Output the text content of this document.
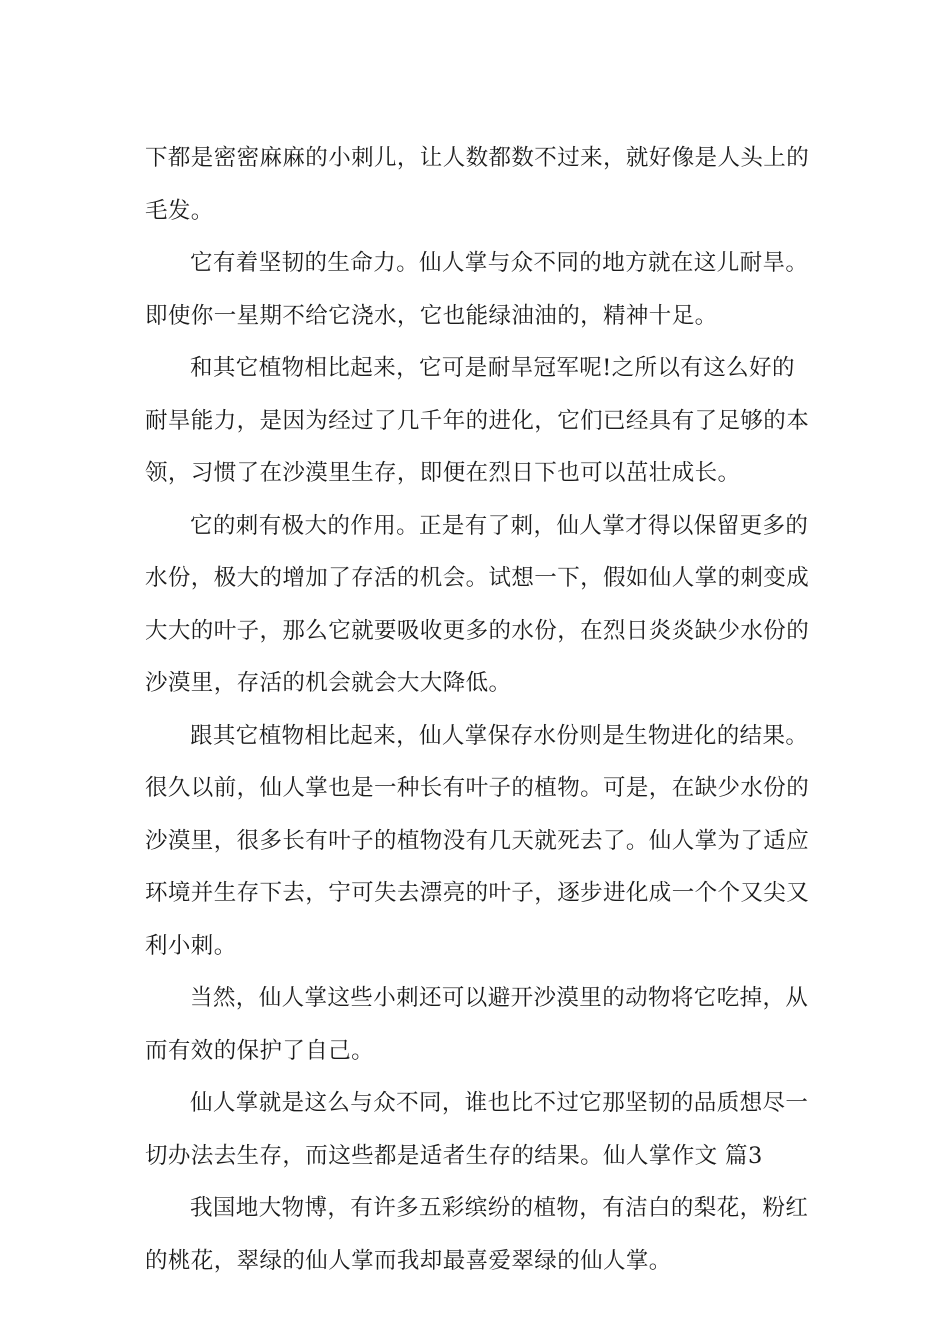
下都是密密麻麻的小刺儿，让人数都数不过来，就好像是人头上的毛发。

它有着坚韧的生命力。仙人掌与众不同的地方就在这儿耐旱。即使你一星期不给它浇水，它也能绿油油的，精神十足。

和其它植物相比起来，它可是耐旱冠军呢!之所以有这么好的耐旱能力，是因为经过了几千年的进化，它们已经具有了足够的本领，习惯了在沙漠里生存，即便在烈日下也可以茁壮成长。

它的刺有极大的作用。正是有了刺，仙人掌才得以保留更多的水份，极大的增加了存活的机会。试想一下，假如仙人掌的刺变成大大的叶子，那么它就要吸收更多的水份，在烈日炎炎缺少水份的沙漠里，存活的机会就会大大降低。

跟其它植物相比起来，仙人掌保存水份则是生物进化的结果。很久以前，仙人掌也是一种长有叶子的植物。可是，在缺少水份的沙漠里，很多长有叶子的植物没有几天就死去了。仙人掌为了适应环境并生存下去，宁可失去漂亮的叶子，逐步进化成一个个又尖又利小刺。

当然，仙人掌这些小刺还可以避开沙漠里的动物将它吃掉，从而有效的保护了自己。

仙人掌就是这么与众不同，谁也比不过它那坚韧的品质想尽一切办法去生存，而这些都是适者生存的结果。仙人掌作文 篇3

我国地大物博，有许多五彩缤纷的植物，有洁白的梨花，粉红的桃花，翠绿的仙人掌而我却最喜爱翠绿的仙人掌。
